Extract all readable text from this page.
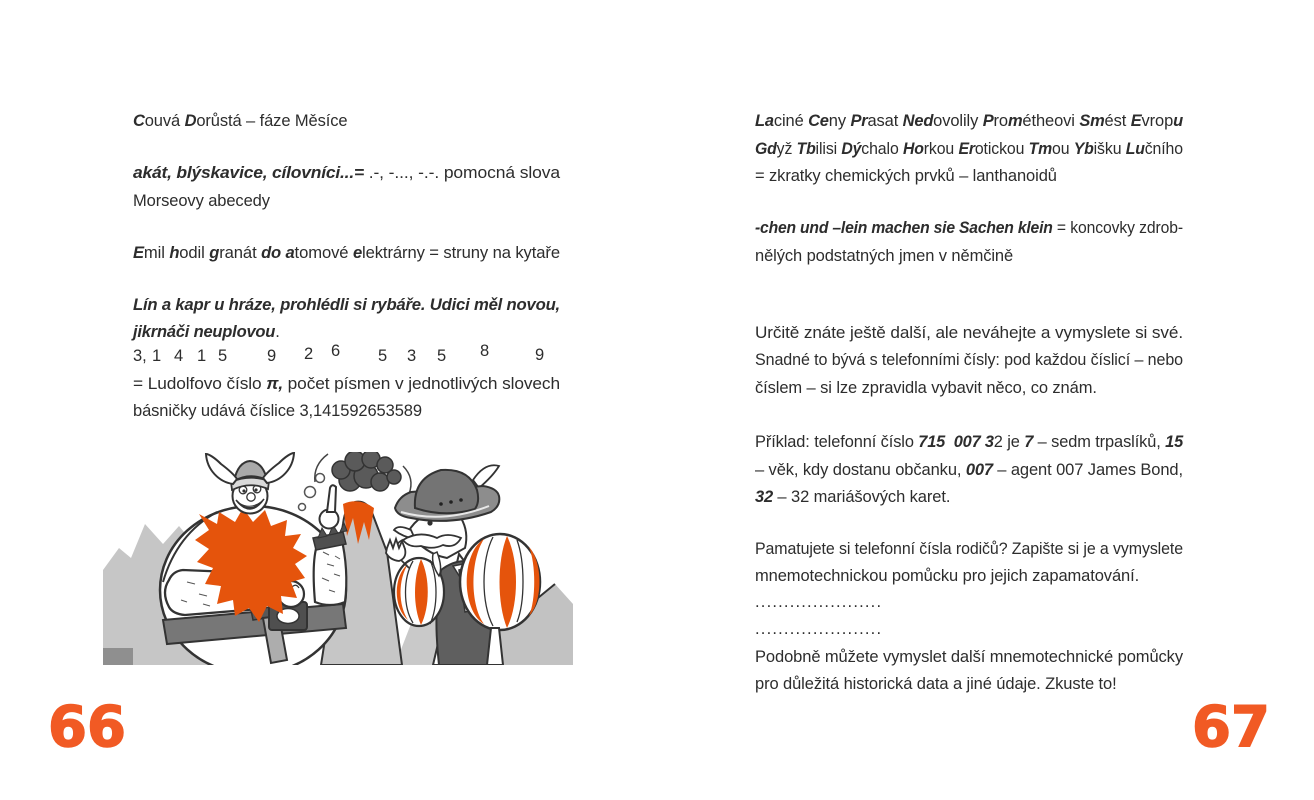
Couvá Dorůstá – fáze Měsíce
akát, blýskavice, cílovníci...= .-, -..., -.-. pomocná slova
Morseovy abecedy
Emil hodil granát do atomové elektrárny = struny na kytaře
Lín a kapr u hráze, prohlédli si rybáře. Udici měl novou,
jikrnáči neuplovou.
3, 1 4 1 5 9 2 6 5 3 5 8	9
= Ludolfovo číslo π, počet písmen v jednotlivých slovech
básničky udává číslice 3,141592653589
Laciné Ceny Prasat Nedovolily Prométheovi Smést Evropu
Gdyž Tbilisi Dýchalo Horkou Erotickou Tmou Ybišku Lučního
= zkratky chemických prvků – lanthanoidů
-chen und –lein machen sie Sachen klein = koncovky zdrob-
nělých podstatných jmen v němčině
Určitě znáte ještě další, ale neváhejte a vymyslete si své.
Snadné to bývá s telefonními čísly: pod každou číslicí – nebo
číslem – si lze zpravidla vybavit něco, co znám.
Příklad: telefonní číslo 715  007 32 je 7 – sedm trpaslíků, 15
– věk, kdy dostanu občanku, 007 – agent 007 James Bond,
32 – 32 mariášových karet.
Pamatujete si telefonní čísla rodičů? Zapište si je a vymyslete
mnemotechnickou pomůcku pro jejich zapamatování.
......................
......................
Podobně můžete vymyslet další mnemotechnické pomůcky
pro důležitá historická data a jiné údaje. Zkuste to!
66	67
